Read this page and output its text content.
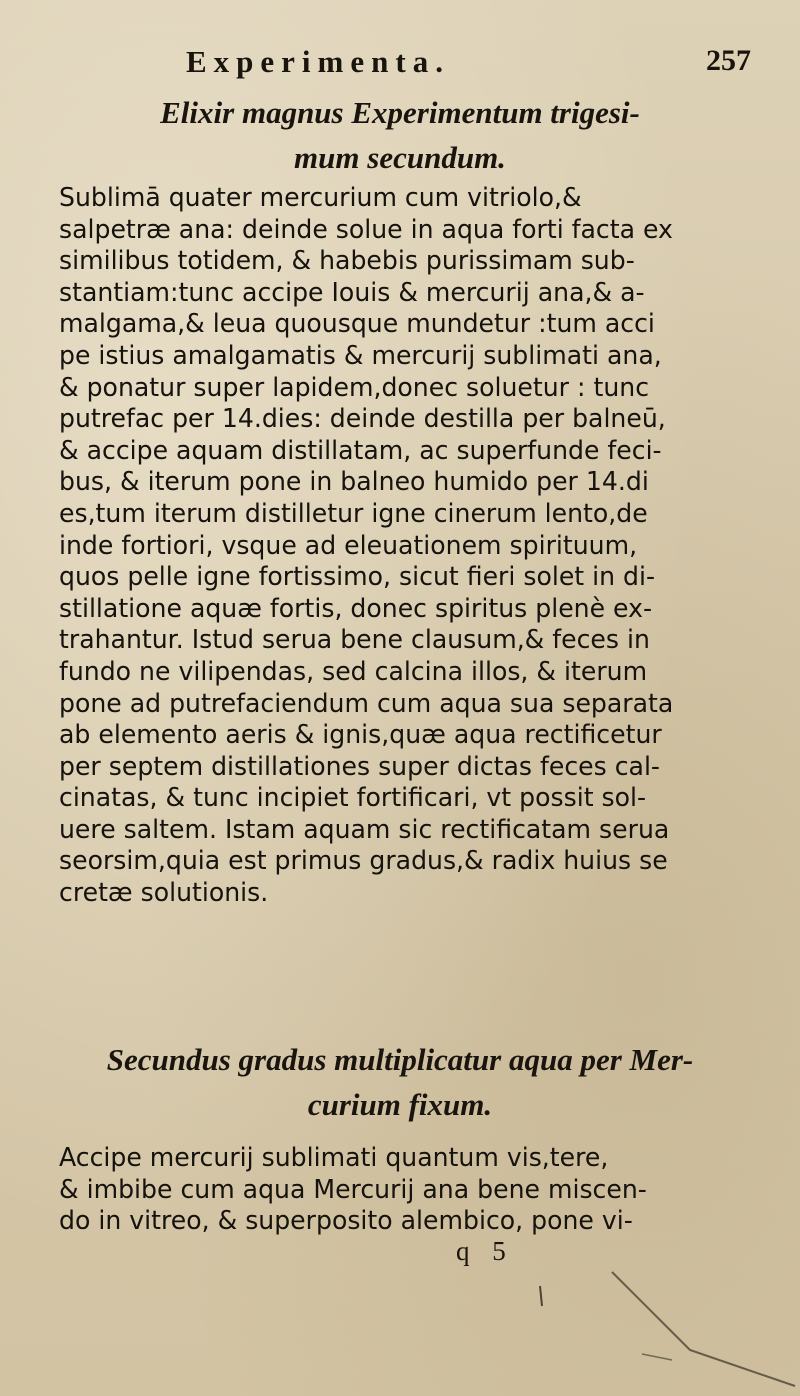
Experimenta.	257
Elixir magnus Experimentum trigesi-
mum secundum.
Sublimā quater mercurium cum vitriolo,&
salpetræ ana: deinde solue in aqua forti facta ex
similibus totidem, & habebis purissimam sub-
stantiam:tunc accipe Iouis & mercurij ana,& a-
malgama,& leua quousque mundetur :tum acci
pe istius amalgamatis & mercurij sublimati ana,
& ponatur super lapidem,donec soluetur : tunc
putrefac per 14.dies: deinde destilla per balneū,
& accipe aquam distillatam, ac superfunde feci-
bus, & iterum pone in balneo humido per 14.di
es,tum iterum distilletur igne cinerum lento,de
inde fortiori, vsque ad eleuationem spirituum,
quos pelle igne fortissimo, sicut fieri solet in di-
stillatione aquæ fortis, donec spiritus plenè ex-
trahantur. Istud serua bene clausum,& feces in
fundo ne vilipendas, sed calcina illos, & iterum
pone ad putrefaciendum cum aqua sua separata
ab elemento aeris & ignis,quæ aqua rectificetur
per septem distillationes super dictas feces cal-
cinatas, & tunc incipiet fortificari, vt possit sol-
uere saltem. Istam aquam sic rectificatam serua
seorsim,quia est primus gradus,& radix huius se
cretæ solutionis.
Secundus gradus multiplicatur aqua per Mer-
curium fixum.
Accipe mercurij sublimati quantum vis,tere,
& imbibe cum aqua Mercurij ana bene miscen-
do in vitreo, & superposito alembico, pone vi-
q 5
